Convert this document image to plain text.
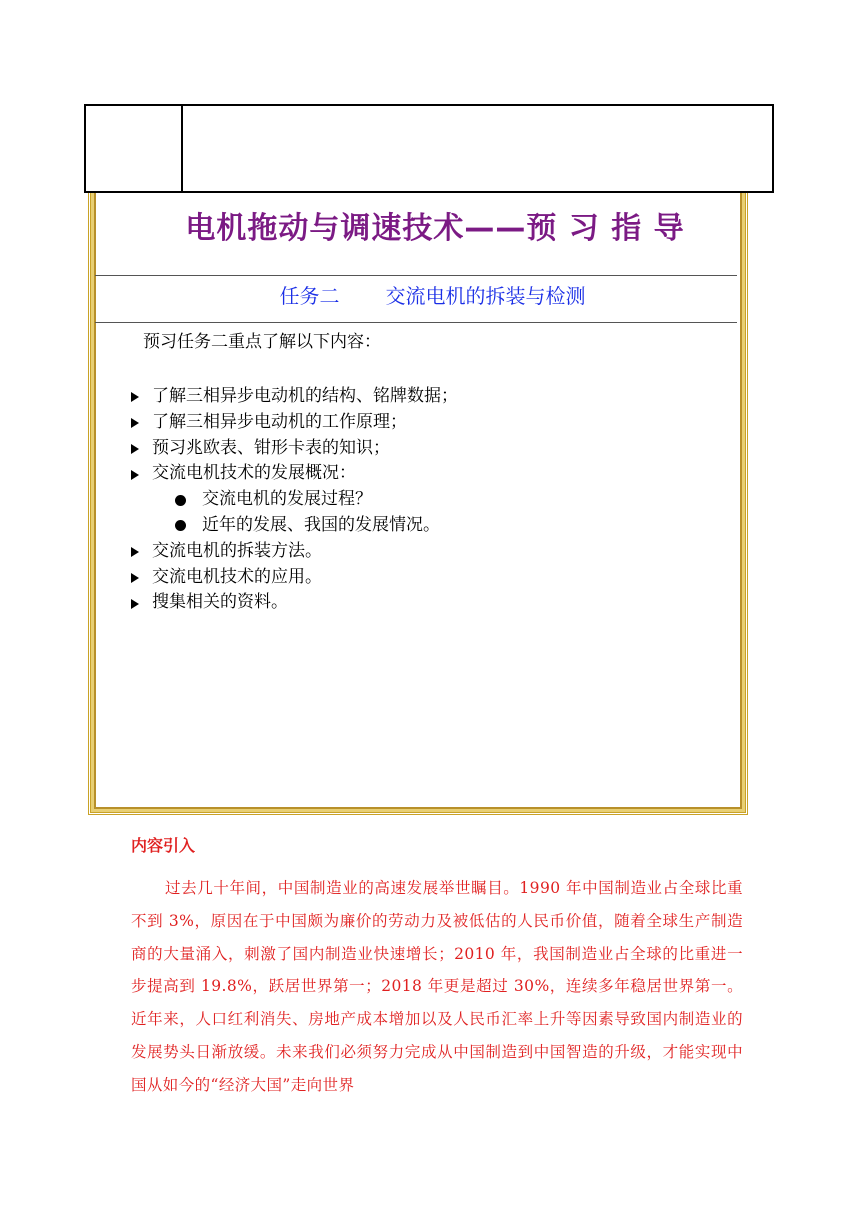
电机拖动与调速技术——预 习 指 导
任务二 交流电机的拆装与检测
预习任务二重点了解以下内容：
了解三相异步电动机的结构、铭牌数据；
了解三相异步电动机的工作原理；
预习兆欧表、钳形卡表的知识；
交流电机技术的发展概况：
交流电机的发展过程？
近年的发展、我国的发展情况。
交流电机的拆装方法。
交流电机技术的应用。
搜集相关的资料。
内容引入

过去几十年间，中国制造业的高速发展举世瞩目。1990 年中国制造业占全球比重不到 3%，原因在于中国颇为廉价的劳动力及被低估的人民币价值，随着全球生产制造商的大量涌入，刺激了国内制造业快速增长；2010 年，我国制造业占全球的比重进一步提高到 19.8%，跃居世界第一；2018 年更是超过 30%，连续多年稳居世界第一。近年来，人口红利消失、房地产成本增加以及人民币汇率上升等因素导致国内制造业的发展势头日渐放缓。未来我们必须努力完成从中国制造到中国智造的升级，才能实现中国从如今的“经济大国”走向世界
